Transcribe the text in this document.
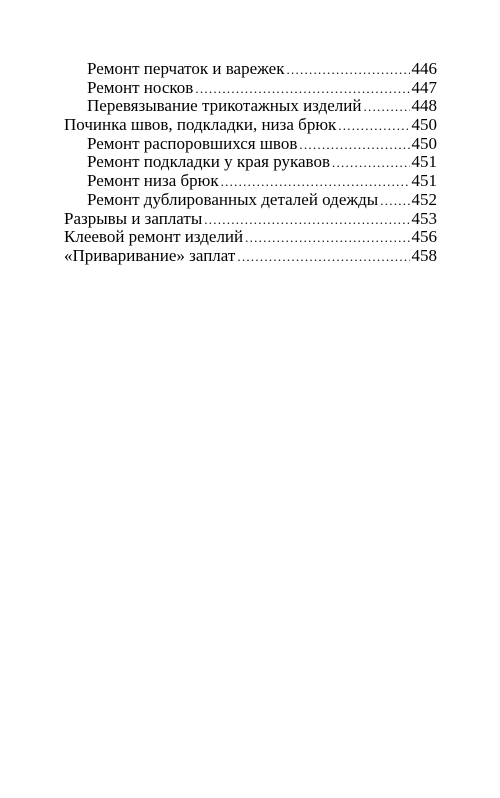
Ремонт перчаток и варежек . . .	446
Ремонт носков . . .	447
Перевязывание трикотажных изделий . . .	448
Починка швов, подкладки, низа брюк . . .	450
Ремонт распоровшихся швов . . .	450
Ремонт подкладки у края рукавов . . .	451
Ремонт низа брюк . . .	451
Ремонт дублированных деталей одежды . . . 452
Разрывы и заплаты . . .	453
Клеевой ремонт изделий . . .	456
«Приваривание» заплат . . .	458
